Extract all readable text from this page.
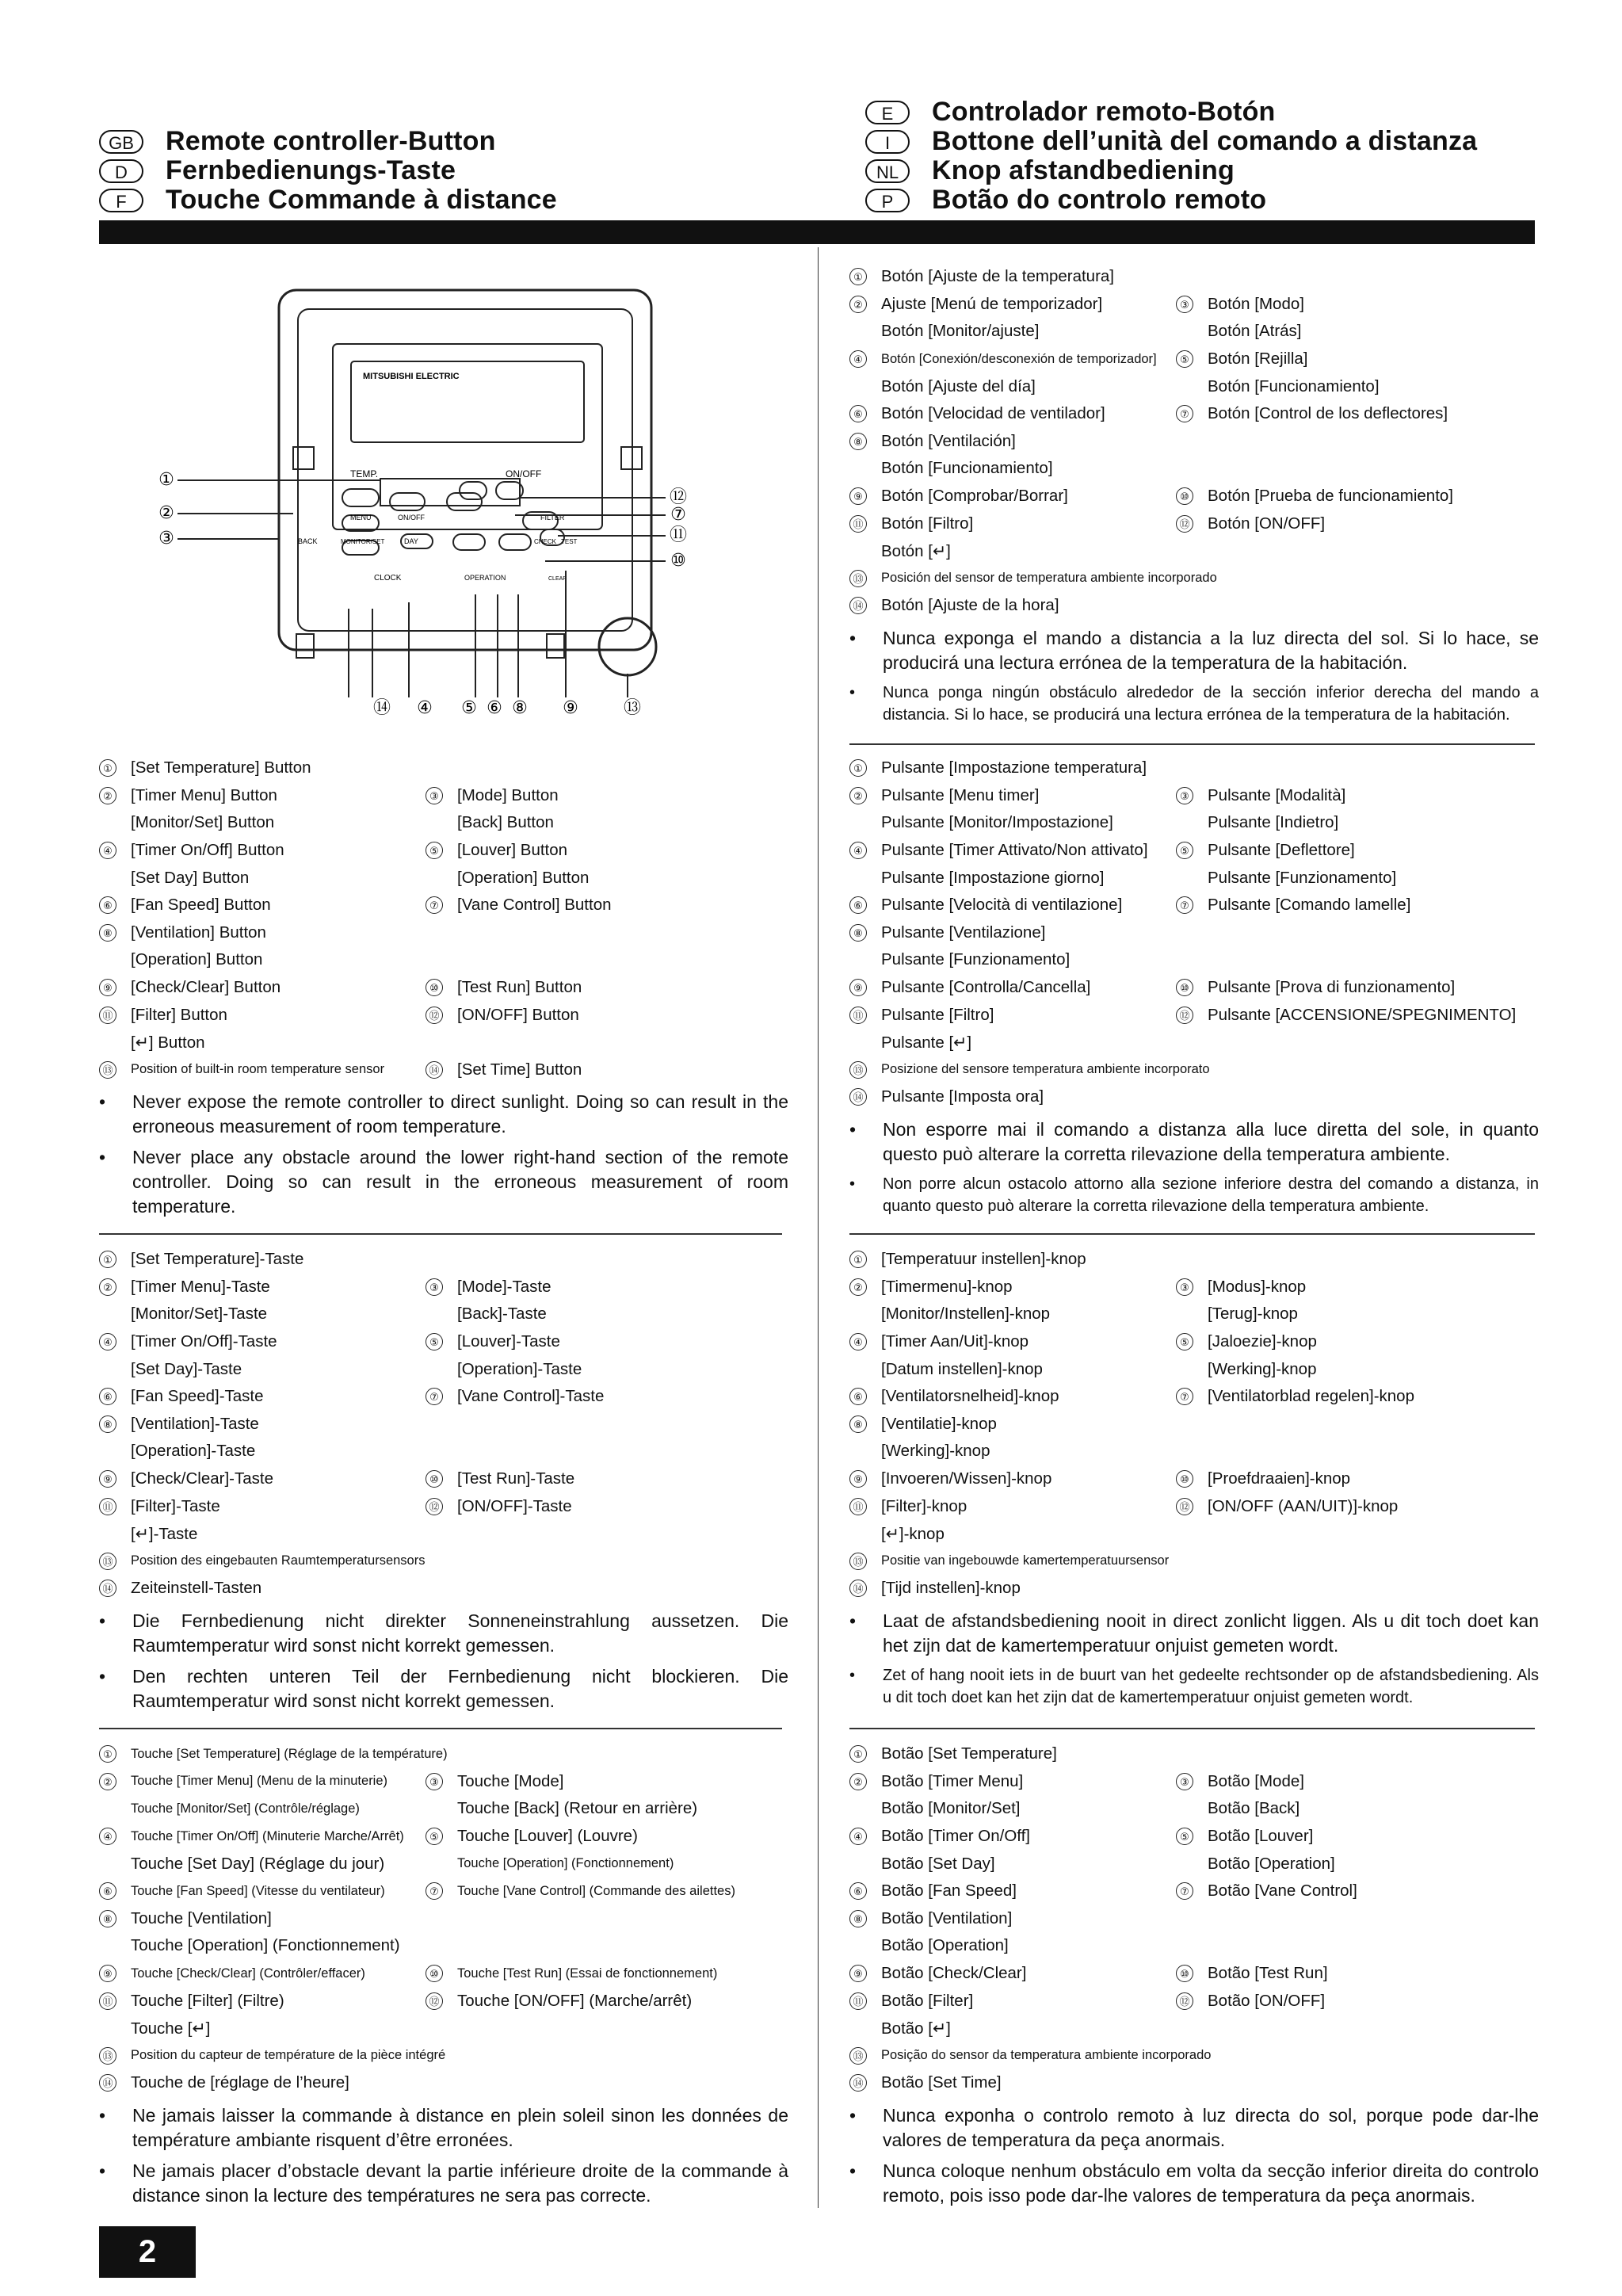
GB	Remote controller-Button
D	Fernbedienungs-Taste
F	Touche Commande à distance
E	Controlador remoto-Botón
I	Bottone dell’unità del comando a distanza
NL	Knop afstandbediening
P	Botão do controlo remoto
MITSUBISHI ELECTRIC
TEMP.	ON/OFF
MENU	ON/OFF	FILTER
BACK	MONITOR/SET	DAY	CHECK TEST
CLOCK	OPERATION	CLEAR
①
②
③
⑫
⑦
⑪
⑩
⑭ ④ ⑤ ⑥ ⑧ ⑨	⑬
① [Set Temperature] Button
② [Timer Menu] Button	③ [Mode] Button
[Monitor/Set] Button	[Back] Button
④ [Timer On/Off] Button	⑤ [Louver] Button
[Set Day] Button	[Operation] Button
⑥ [Fan Speed] Button	⑦ [Vane Control] Button
⑧ [Ventilation] Button
[Operation] Button
⑨ [Check/Clear] Button	⑩ [Test Run] Button
⑪ [Filter] Button	⑫ [ON/OFF] Button
[↵] Button
⑬ Position of built-in room temperature sensor	⑭ [Set Time] Button
•	Never expose the remote controller to direct sunlight. Doing so can result in the erroneous measurement of room temperature.
•	Never place any obstacle around the lower right-hand section of the remote controller. Doing so can result in the erroneous measurement of room temperature.
① [Set Temperature]-Taste
② [Timer Menu]-Taste	③ [Mode]-Taste
[Monitor/Set]-Taste	[Back]-Taste
④ [Timer On/Off]-Taste	⑤ [Louver]-Taste
[Set Day]-Taste	[Operation]-Taste
⑥ [Fan Speed]-Taste	⑦ [Vane Control]-Taste
⑧ [Ventilation]-Taste
[Operation]-Taste
⑨ [Check/Clear]-Taste	⑩ [Test Run]-Taste
⑪ [Filter]-Taste	⑫ [ON/OFF]-Taste
[↵]-Taste
⑬ Position des eingebauten Raumtemperatursensors
⑭ Zeiteinstell-Tasten
•	Die Fernbedienung nicht direkter Sonneneinstrahlung aussetzen. Die Raumtemperatur wird sonst nicht korrekt gemessen.
•	Den rechten unteren Teil der Fernbedienung nicht blockieren. Die Raumtemperatur wird sonst nicht korrekt gemessen.
①	Touche [Set Temperature] (Réglage de la température)
②	Touche [Timer Menu] (Menu de la minuterie)	③ Touche [Mode]
Touche [Monitor/Set] (Contrôle/réglage)	Touche [Back] (Retour en arrière)
④	Touche [Timer On/Off] (Minuterie Marche/Arrêt)	⑤ Touche [Louver] (Louvre)
Touche [Set Day] (Réglage du jour)	Touche [Operation] (Fonctionnement)
⑥	Touche [Fan Speed] (Vitesse du ventilateur)	⑦	Touche [Vane Control] (Commande des ailettes)
⑧ Touche [Ventilation]
Touche [Operation] (Fonctionnement)
⑨	Touche [Check/Clear] (Contrôler/effacer)	⑩	Touche [Test Run] (Essai de fonctionnement)
⑪ Touche [Filter] (Filtre)	⑫ Touche [ON/OFF] (Marche/arrêt)
Touche [↵]
⑬ Position du capteur de température de la pièce intégré
⑭ Touche de [réglage de l’heure]
•	Ne jamais laisser la commande à distance en plein soleil sinon les données de température ambiante risquent d’être erronées.
•	Ne jamais placer d’obstacle devant la partie inférieure droite de la commande à distance sinon la lecture des températures ne sera pas correcte.
① Botón [Ajuste de la temperatura]
② Ajuste [Menú de temporizador]	③ Botón [Modo]
Botón [Monitor/ajuste]	Botón [Atrás]
④	Botón [Conexión/desconexión de temporizador]	⑤ Botón [Rejilla]
Botón [Ajuste del día]	Botón [Funcionamiento]
⑥ Botón [Velocidad de ventilador]	⑦ Botón [Control de los deflectores]
⑧ Botón [Ventilación]
Botón [Funcionamiento]
⑨ Botón [Comprobar/Borrar]	⑩ Botón [Prueba de funcionamiento]
⑪ Botón [Filtro]	⑫ Botón [ON/OFF]
Botón [↵]
⑬ Posición del sensor de temperatura ambiente incorporado
⑭ Botón [Ajuste de la hora]
•	Nunca exponga el mando a distancia a la luz directa del sol. Si lo hace, se producirá una lectura errónea de la temperatura de la habitación.
•	Nunca ponga ningún obstáculo alrededor de la sección inferior derecha del mando a distancia. Si lo hace, se producirá una lectura errónea de la temperatura de la habitación.
① Pulsante [Impostazione temperatura]
② Pulsante [Menu timer]	③ Pulsante [Modalità]
Pulsante [Monitor/Impostazione]	Pulsante [Indietro]
④ Pulsante [Timer Attivato/Non attivato]	⑤ Pulsante [Deflettore]
Pulsante [Impostazione giorno]	Pulsante [Funzionamento]
⑥ Pulsante [Velocità di ventilazione]	⑦ Pulsante [Comando lamelle]
⑧ Pulsante [Ventilazione]
Pulsante [Funzionamento]
⑨ Pulsante [Controlla/Cancella]	⑩ Pulsante [Prova di funzionamento]
⑪ Pulsante [Filtro]	⑫ Pulsante [ACCENSIONE/SPEGNIMENTO]
Pulsante [↵]
⑬ Posizione del sensore temperatura ambiente incorporato
⑭ Pulsante [Imposta ora]
•	Non esporre mai il comando a distanza alla luce diretta del sole, in quanto questo può alterare la corretta rilevazione della temperatura ambiente.
•	Non porre alcun ostacolo attorno alla sezione inferiore destra del comando a distanza, in quanto questo può alterare la corretta rilevazione della temperatura ambiente.
① [Temperatuur instellen]-knop
② [Timermenu]-knop	③ [Modus]-knop
[Monitor/Instellen]-knop	[Terug]-knop
④ [Timer Aan/Uit]-knop	⑤ [Jaloezie]-knop
[Datum instellen]-knop	[Werking]-knop
⑥ [Ventilatorsnelheid]-knop	⑦ [Ventilatorblad regelen]-knop
⑧ [Ventilatie]-knop
[Werking]-knop
⑨ [Invoeren/Wissen]-knop	⑩ [Proefdraaien]-knop
⑪ [Filter]-knop	⑫ [ON/OFF (AAN/UIT)]-knop
[↵]-knop
⑬ Positie van ingebouwde kamertemperatuursensor
⑭ [Tijd instellen]-knop
•	Laat de afstandsbediening nooit in direct zonlicht liggen. Als u dit toch doet kan het zijn dat de kamertemperatuur onjuist gemeten wordt.
•	Zet of hang nooit iets in de buurt van het gedeelte rechtsonder op de afstandsbediening. Als u dit toch doet kan het zijn dat de kamertemperatuur onjuist gemeten wordt.
① Botão [Set Temperature]
② Botão [Timer Menu]	③ Botão [Mode]
Botão [Monitor/Set]	Botão [Back]
④ Botão [Timer On/Off]	⑤ Botão [Louver]
Botão [Set Day]	Botão [Operation]
⑥ Botão [Fan Speed]	⑦ Botão [Vane Control]
⑧ Botão [Ventilation]
Botão [Operation]
⑨ Botão [Check/Clear]	⑩ Botão [Test Run]
⑪ Botão [Filter]	⑫ Botão [ON/OFF]
Botão [↵]
⑬ Posição do sensor da temperatura ambiente incorporado
⑭ Botão [Set Time]
•	Nunca exponha o controlo remoto à luz directa do sol, porque pode dar-lhe valores de temperatura da peça anormais.
•	Nunca coloque nenhum obstáculo em volta da secção inferior direita do controlo remoto, pois isso pode dar-lhe valores de temperatura da peça anormais.
2
